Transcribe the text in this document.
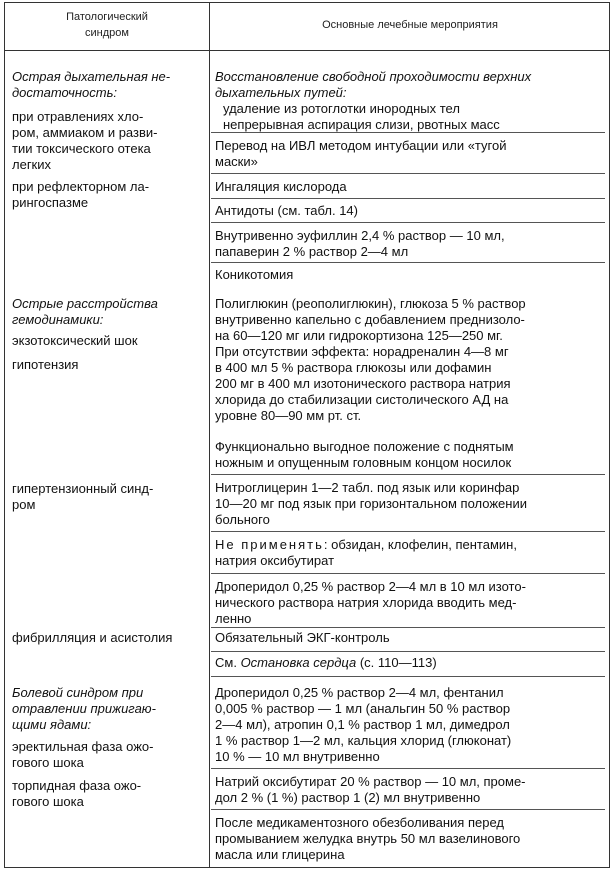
Патологический
синдром
Основные лечебные мероприятия
Острая дыхательная не-
достаточность:
при отравлениях хло-
ром, аммиаком и разви-
тии токсического отека
легких
при рефлекторном ла-
рингоспазме
Острые расстройства
гемодинамики:
экзотоксический шок
гипотензия
гипертензионный синд-
ром
фибрилляция и асистолия
Болевой синдром при
отравлении прижигаю-
щими ядами:
эректильная фаза ожо-
гового шока
торпидная фаза ожо-
гового шока
Восстановление свободной проходимости верхних
дыхательных путей:
удаление из ротоглотки инородных тел
непрерывная аспирация слизи, рвотных масс
Перевод на ИВЛ методом интубации или «тугой
маски»
Ингаляция кислорода
Антидоты (см. табл. 14)
Внутривенно эуфиллин 2,4 % раствор — 10 мл,
папаверин 2 % раствор 2—4 мл
Коникотомия
Полиглюкин (реополиглюкин), глюкоза 5 % раствор
внутривенно капельно с добавлением преднизоло-
на 60—120 мг или гидрокортизона 125—250 мг.
При отсутствии эффекта: норадреналин 4—8 мг
в 400 мл 5 % раствора глюкозы или дофамин
200 мг в 400 мл изотонического раствора натрия
хлорида до стабилизации систолического АД на
уровне 80—90 мм рт. ст.
Функционально выгодное положение с поднятым
ножным и опущенным головным концом носилок
Нитроглицерин 1—2 табл. под язык или коринфар
10—20 мг под язык при горизонтальном положении
больного
Не применять: обзидан, клофелин, пентамин,
натрия оксибутират
Дроперидол 0,25 % раствор 2—4 мл в 10 мл изото-
нического раствора натрия хлорида вводить мед-
ленно
Обязательный ЭКГ-контроль
См. Остановка сердца (с. 110—113)
Дроперидол 0,25 % раствор 2—4 мл, фентанил
0,005 % раствор — 1 мл (анальгин 50 % раствор
2—4 мл), атропин 0,1 % раствор 1 мл, димедрол
1 % раствор 1—2 мл, кальция хлорид (глюконат)
10 % — 10 мл внутривенно
Натрий оксибутират 20 % раствор — 10 мл, проме-
дол 2 % (1 %) раствор 1 (2) мл внутривенно
После медикаментозного обезболивания перед
промыванием желудка внутрь 50 мл вазелинового
масла или глицерина
